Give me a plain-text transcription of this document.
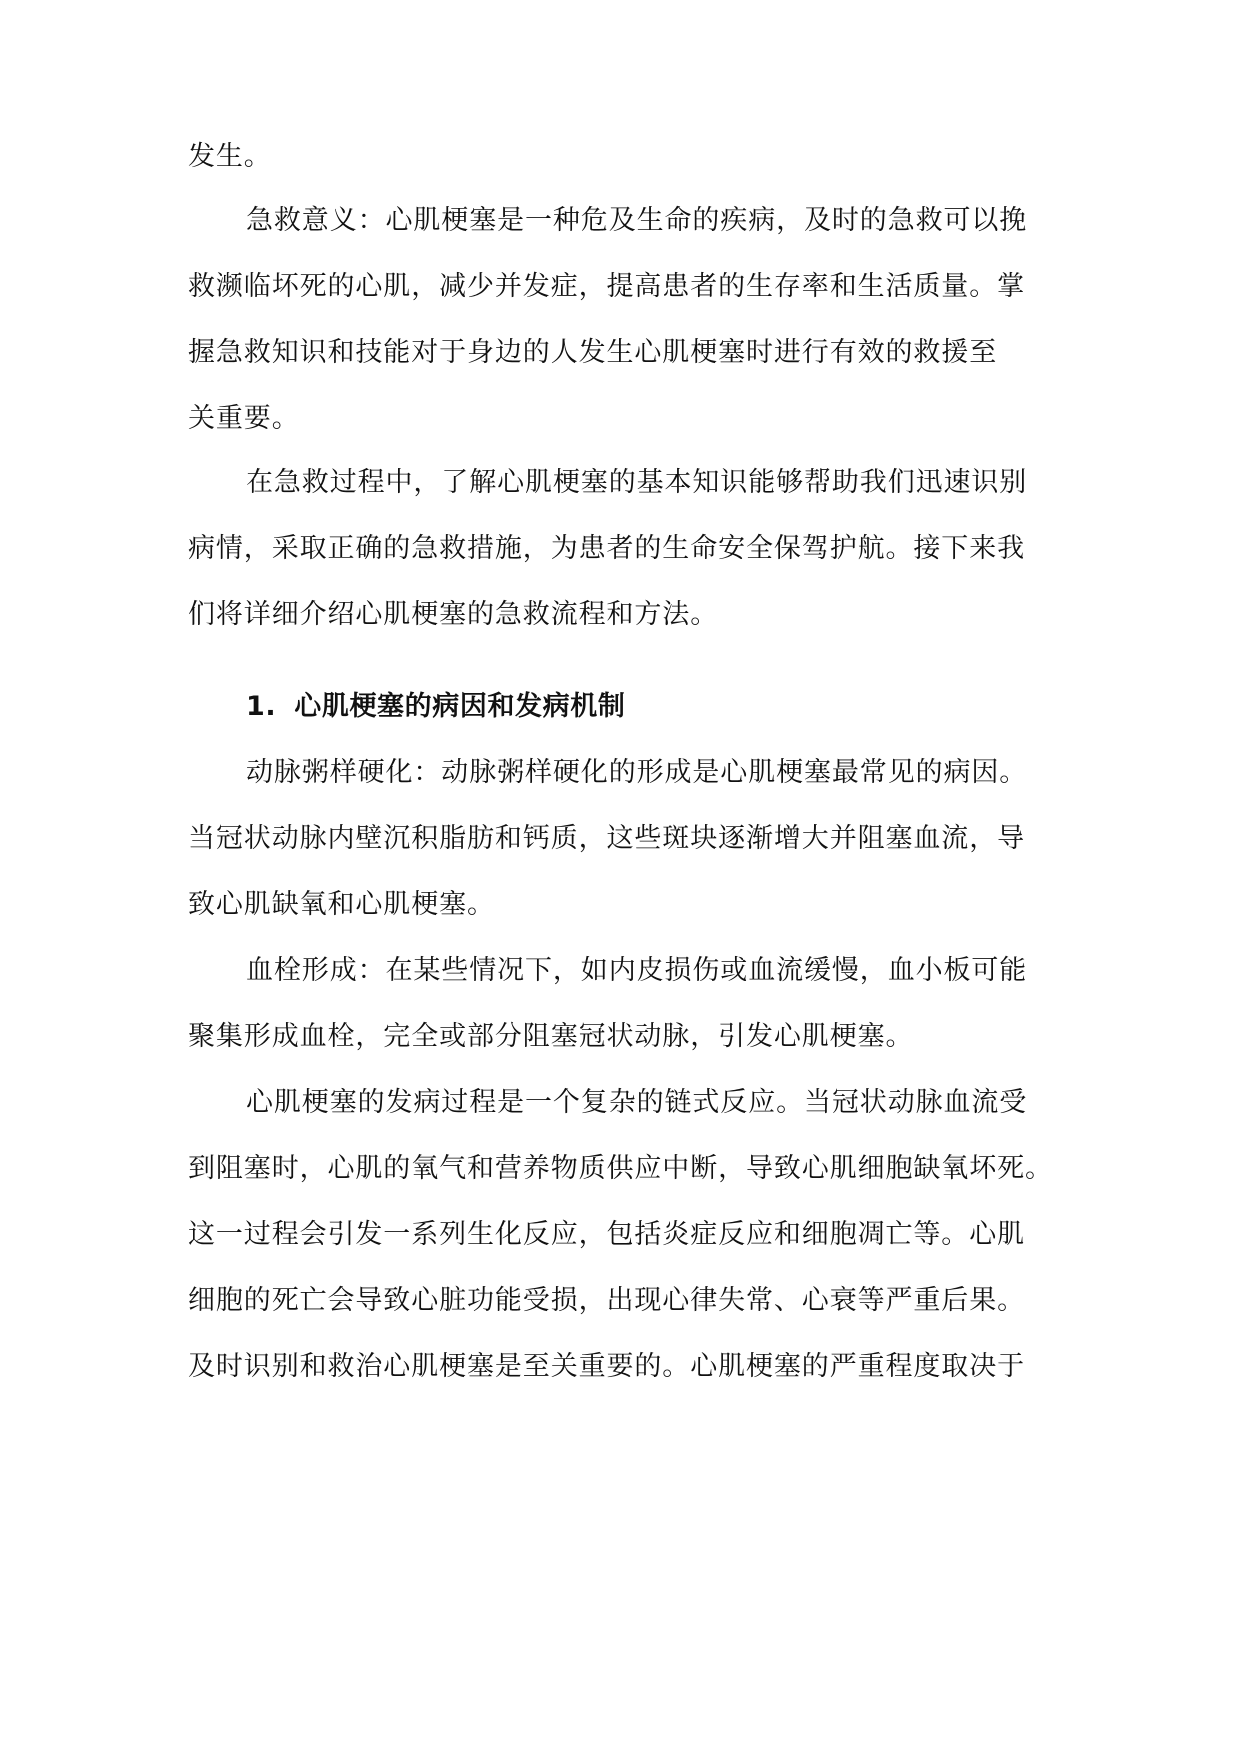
发生。
急救意义：心肌梗塞是一种危及生命的疾病，及时的急救可以挽
救濒临坏死的心肌，减少并发症，提高患者的生存率和生活质量。掌
握急救知识和技能对于身边的人发生心肌梗塞时进行有效的救援至
关重要。
在急救过程中，了解心肌梗塞的基本知识能够帮助我们迅速识别
病情，采取正确的急救措施，为患者的生命安全保驾护航。接下来我
们将详细介绍心肌梗塞的急救流程和方法。
1. 心肌梗塞的病因和发病机制
动脉粥样硬化：动脉粥样硬化的形成是心肌梗塞最常见的病因。
当冠状动脉内壁沉积脂肪和钙质，这些斑块逐渐增大并阻塞血流，导
致心肌缺氧和心肌梗塞。
血栓形成：在某些情况下，如内皮损伤或血流缓慢，血小板可能
聚集形成血栓，完全或部分阻塞冠状动脉，引发心肌梗塞。
心肌梗塞的发病过程是一个复杂的链式反应。当冠状动脉血流受
到阻塞时，心肌的氧气和营养物质供应中断，导致心肌细胞缺氧坏死。
这一过程会引发一系列生化反应，包括炎症反应和细胞凋亡等。心肌
细胞的死亡会导致心脏功能受损，出现心律失常、心衰等严重后果。
及时识别和救治心肌梗塞是至关重要的。心肌梗塞的严重程度取决于
